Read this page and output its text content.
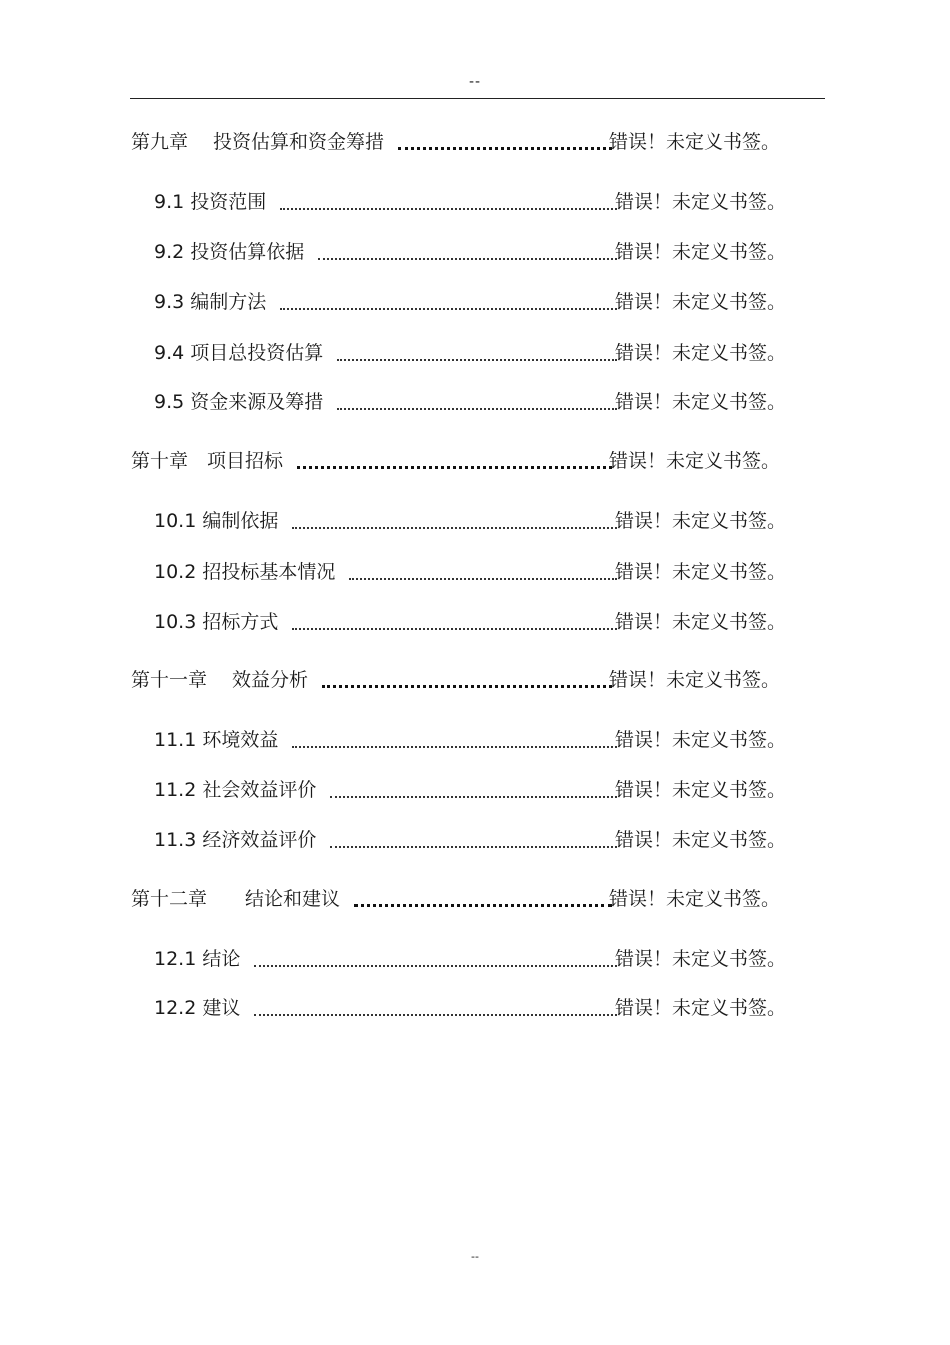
--
第九章　 投资估算和资金筹措	错误！未定义书签。
9.1 投资范围	错误！未定义书签。
9.2 投资估算依据	错误！未定义书签。
9.3 编制方法	错误！未定义书签。
9.4 项目总投资估算	错误！未定义书签。
9.5 资金来源及筹措	错误！未定义书签。
第十章　项目招标	错误！未定义书签。
10.1 编制依据	错误！未定义书签。
10.2 招投标基本情况	错误！未定义书签。
10.3 招标方式	错误！未定义书签。
第十一章　 效益分析	错误！未定义书签。
11.1 环境效益	错误！未定义书签。
11.2 社会效益评价	错误！未定义书签。
11.3 经济效益评价	错误！未定义书签。
第十二章　　结论和建议	错误！未定义书签。
12.1 结论	错误！未定义书签。
12.2 建议	错误！未定义书签。
--
